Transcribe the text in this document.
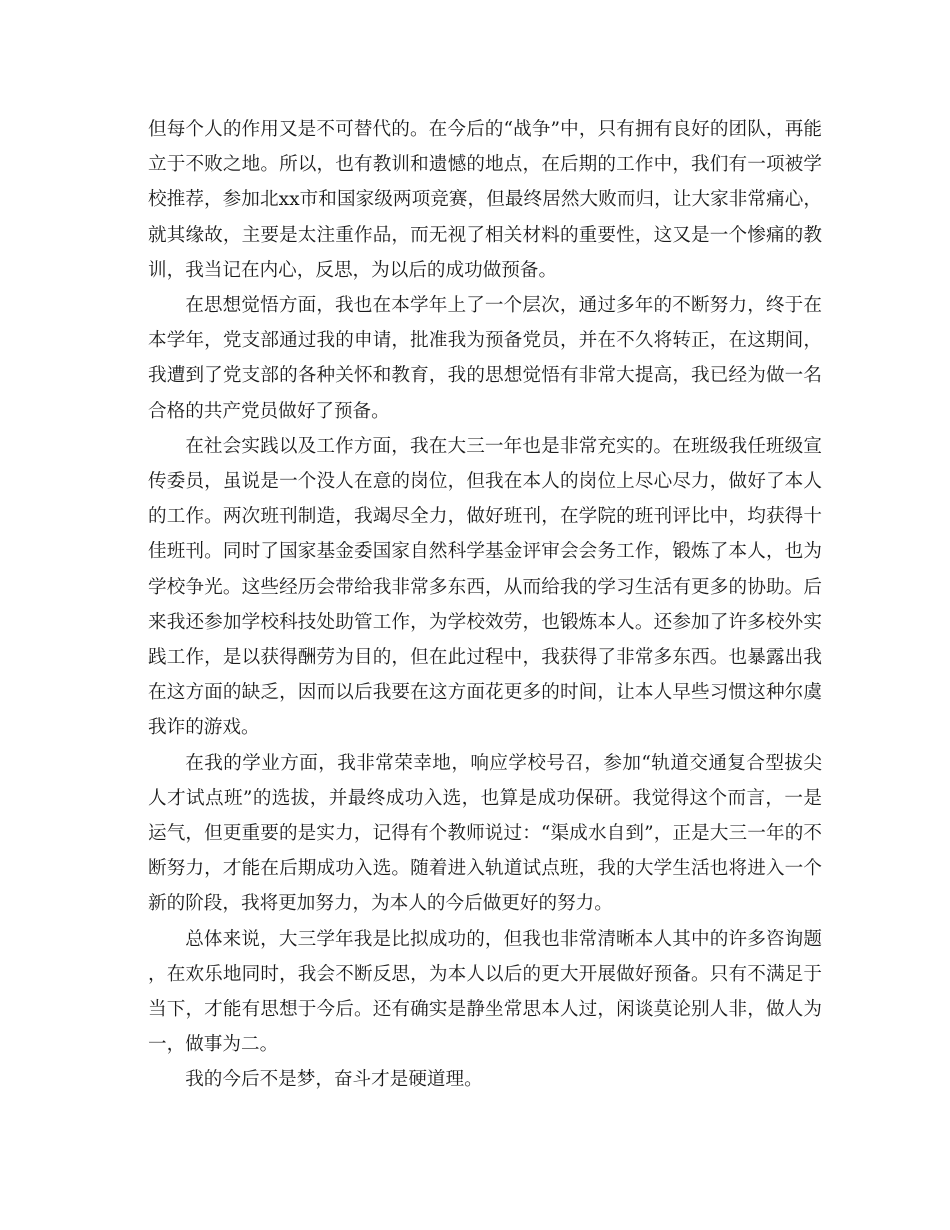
但每个人的作用又是不可替代的。在今后的“战争”中，只有拥有良好的团队，再能立于不败之地。所以，也有教训和遗憾的地点，在后期的工作中，我们有一项被学校推荐，参加北xx市和国家级两项竞赛，但最终居然大败而归，让大家非常痛心，就其缘故，主要是太注重作品，而无视了相关材料的重要性，这又是一个惨痛的教训，我当记在内心，反思，为以后的成功做预备。

在思想觉悟方面，我也在本学年上了一个层次，通过多年的不断努力，终于在本学年，党支部通过我的申请，批准我为预备党员，并在不久将转正，在这期间，我遭到了党支部的各种关怀和教育，我的思想觉悟有非常大提高，我已经为做一名合格的共产党员做好了预备。

在社会实践以及工作方面，我在大三一年也是非常充实的。在班级我任班级宣传委员，虽说是一个没人在意的岗位，但我在本人的岗位上尽心尽力，做好了本人的工作。两次班刊制造，我竭尽全力，做好班刊，在学院的班刊评比中，均获得十佳班刊。同时了国家基金委国家自然科学基金评审会会务工作，锻炼了本人，也为学校争光。这些经历会带给我非常多东西，从而给我的学习生活有更多的协助。后来我还参加学校科技处助管工作，为学校效劳，也锻炼本人。还参加了许多校外实践工作，是以获得酬劳为目的，但在此过程中，我获得了非常多东西。也暴露出我在这方面的缺乏，因而以后我要在这方面花更多的时间，让本人早些习惯这种尔虞我诈的游戏。

在我的学业方面，我非常荣幸地，响应学校号召，参加“轨道交通复合型拔尖人才试点班”的选拔，并最终成功入选，也算是成功保研。我觉得这个而言，一是运气，但更重要的是实力，记得有个教师说过：“渠成水自到”，正是大三一年的不断努力，才能在后期成功入选。随着进入轨道试点班，我的大学生活也将进入一个新的阶段，我将更加努力，为本人的今后做更好的努力。

总体来说，大三学年我是比拟成功的，但我也非常清晰本人其中的许多咨询题，在欢乐地同时，我会不断反思，为本人以后的更大开展做好预备。只有不满足于当下，才能有思想于今后。还有确实是静坐常思本人过，闲谈莫论别人非，做人为一，做事为二。

我的今后不是梦，奋斗才是硬道理。
